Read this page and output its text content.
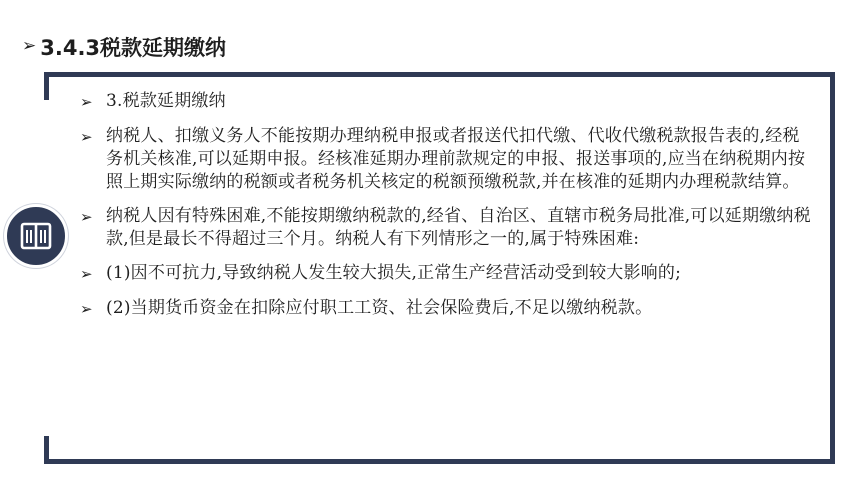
➢ 3.4.3税款延期缴纳
➢ 3.税款延期缴纳
➢ 纳税人、扣缴义务人不能按期办理纳税申报或者报送代扣代缴、代收代缴税款报告表的,经税务机关核准,可以延期申报。经核准延期办理前款规定的申报、报送事项的,应当在纳税期内按照上期实际缴纳的税额或者税务机关核定的税额预缴税款,并在核准的延期内办理税款结算。
➢ 纳税人因有特殊困难,不能按期缴纳税款的,经省、自治区、直辖市税务局批准,可以延期缴纳税款,但是最长不得超过三个月。纳税人有下列情形之一的,属于特殊困难:
➢ (1)因不可抗力,导致纳税人发生较大损失,正常生产经营活动受到较大影响的;
➢ (2)当期货币资金在扣除应付职工工资、社会保险费后,不足以缴纳税款。
